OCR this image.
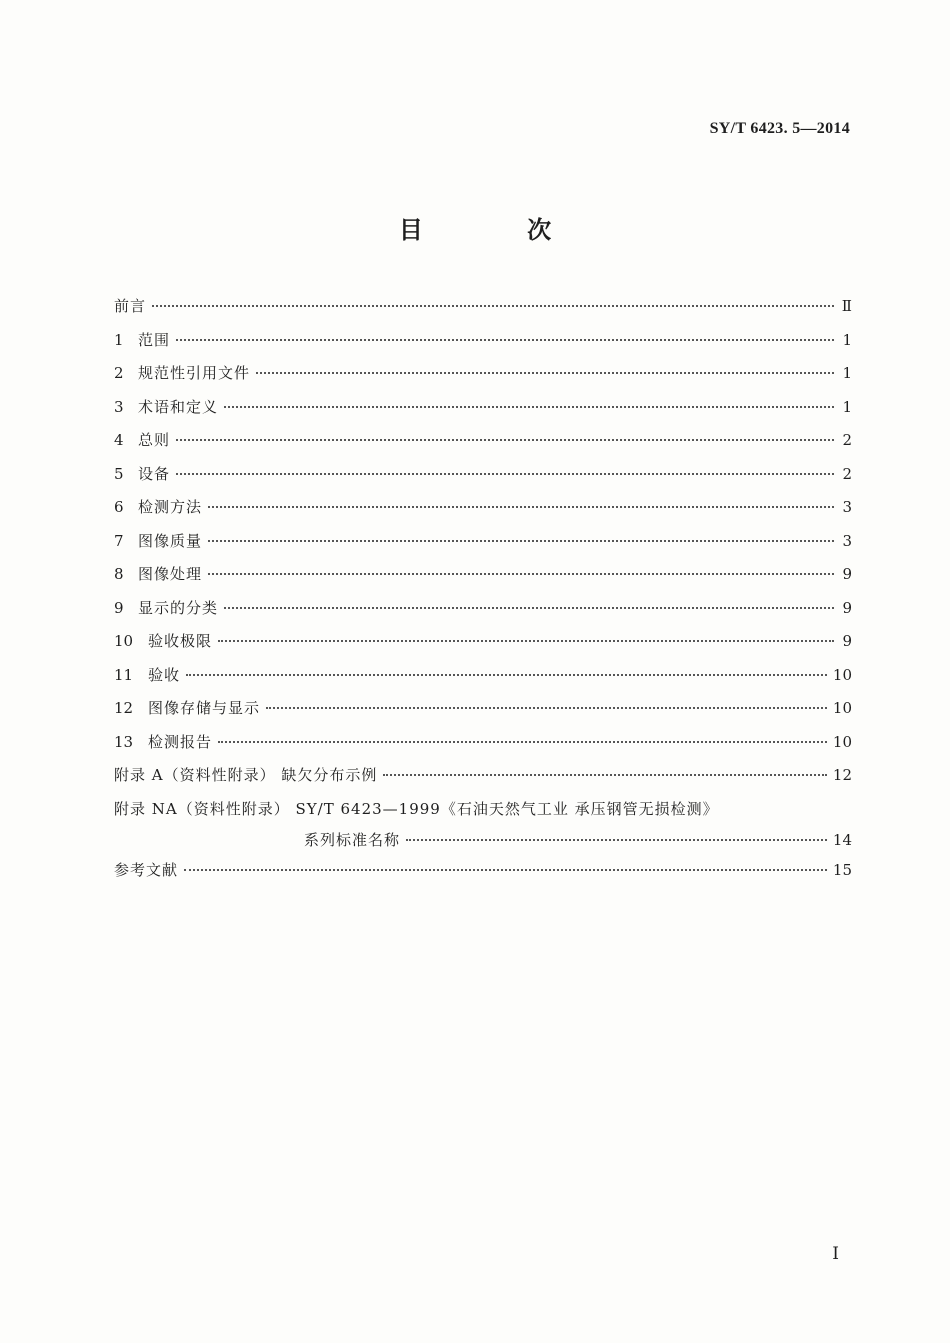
SY/T 6423. 5—2014
目 次
前言	Ⅱ
1 范围	1
2 规范性引用文件	1
3 术语和定义	1
4 总则	2
5 设备	2
6 检测方法	3
7 图像质量	3
8 图像处理	9
9 显示的分类	9
10 验收极限	9
11 验收	10
12 图像存储与显示	10
13 检测报告	10
附录 A（资料性附录） 缺欠分布示例	12
附录 NA（资料性附录） SY/T 6423—1999《石油天然气工业 承压钢管无损检测》
系列标准名称	14
参考文献	15
I
